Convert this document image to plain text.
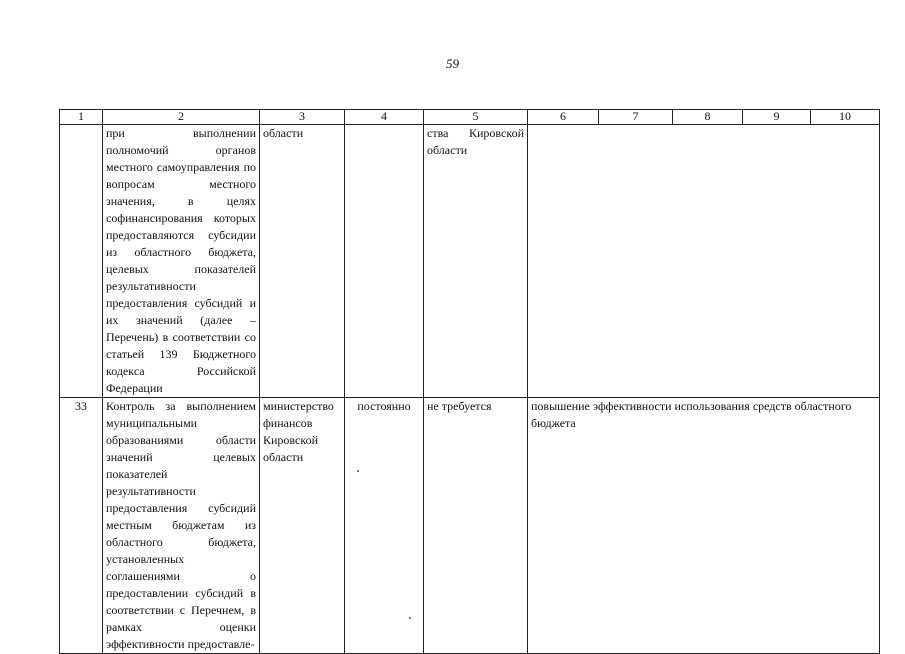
59
1	2	3	4	5	6	7	8	9	10
	при выполнении полномочий органов местного самоуправления по вопросам местного значения, в целях софинансирования которых предоставляются субсидии из областного бюджета, целевых показателей результативности предоставления субсидий и их значений (далее – Перечень) в соответствии со статьей 139 Бюджетного кодекса Российской Федерации	области		ства Кировской области					
33	Контроль за выполнением муниципальными образованиями области значений целевых показателей результативности предоставления субсидий местным бюджетам из областного бюджета, установленных соглашениями о предоставлении субсидий в соответствии с Перечнем, в рамках оценки эффективности предоставле-	министерство финансов Кировской области	постоянно	не требуется	повышение эффективности использования средств областного бюджета				
